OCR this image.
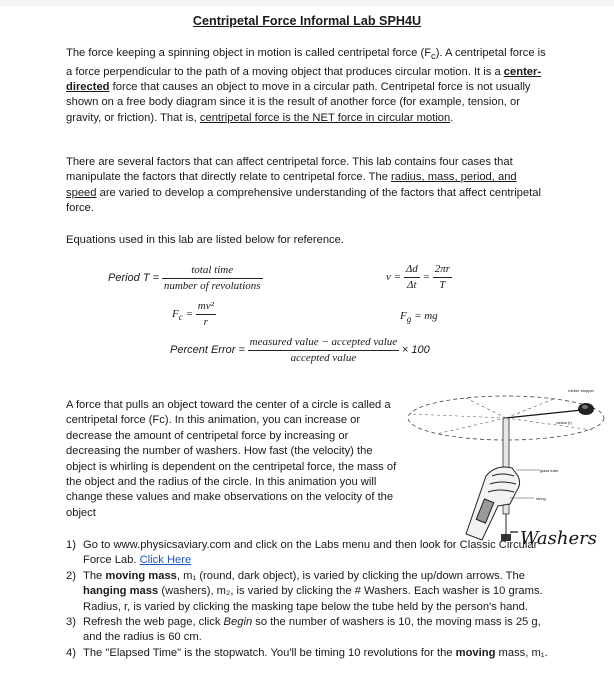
Centripetal Force Informal Lab SPH4U

The force keeping a spinning object in motion is called centripetal force $(F_c)$. A centripetal force is a force perpendicular to the path of a moving object that produces circular motion. It is a center-directed force that causes an object to move in a circular path. Centripetal force is not usually shown on a free body diagram since it is the result of another force (for example, tension, or gravity, or friction). That is, centripetal force is the NET force in circular motion.

There are several factors that can affect centripetal force. This lab contains four cases that manipulate the factors that directly relate to centripetal force. The radius, mass, period, and speed are varied to develop a comprehensive understanding of the factors that affect centripetal force.

Equations used in this lab are listed below for reference.

Period $T = \frac{\text{total time}}{\text{number of revolutions}}$	$v = \frac{\Delta d}{\Delta t} = \frac{2\pi r}{T}$
$F_c = \frac{\text{mv²}}{r}$	$F_g$ = mg
Percent Error = $\frac{\text{measured value − accepted value}}{\text{accepted value}} \times 100$

A force that pulls an object toward the center of a circle is called a centripetal force (Fc). In this animation, you can increase or decrease the amount of centripetal force by increasing or decreasing the number of washers. How fast (the velocity) the object is whirling is dependent on the centripetal force, the mass of the object and the radius of the circle. In this animation you will change these values and make observations on the velocity of the object

rubber stopper
radius (r)
glass tube
string
Washers
1) Go to www.physicsaviary.com and click on the Labs menu and then look for Classic Circular Force Lab. Click Here
2) The moving mass, m₁ (round, dark object), is varied by clicking the up/down arrows. The hanging mass (washers), m₂, is varied by clicking the # Washers. Each washer is 10 grams. Radius, r, is varied by clicking the masking tape below the tube held by the person's hand.
3) Refresh the web page, click Begin so the number of washers is 10, the moving mass is 25 g, and the radius is 60 cm.
4) The "Elapsed Time" is the stopwatch. You'll be timing 10 revolutions for the moving mass, m₁.
